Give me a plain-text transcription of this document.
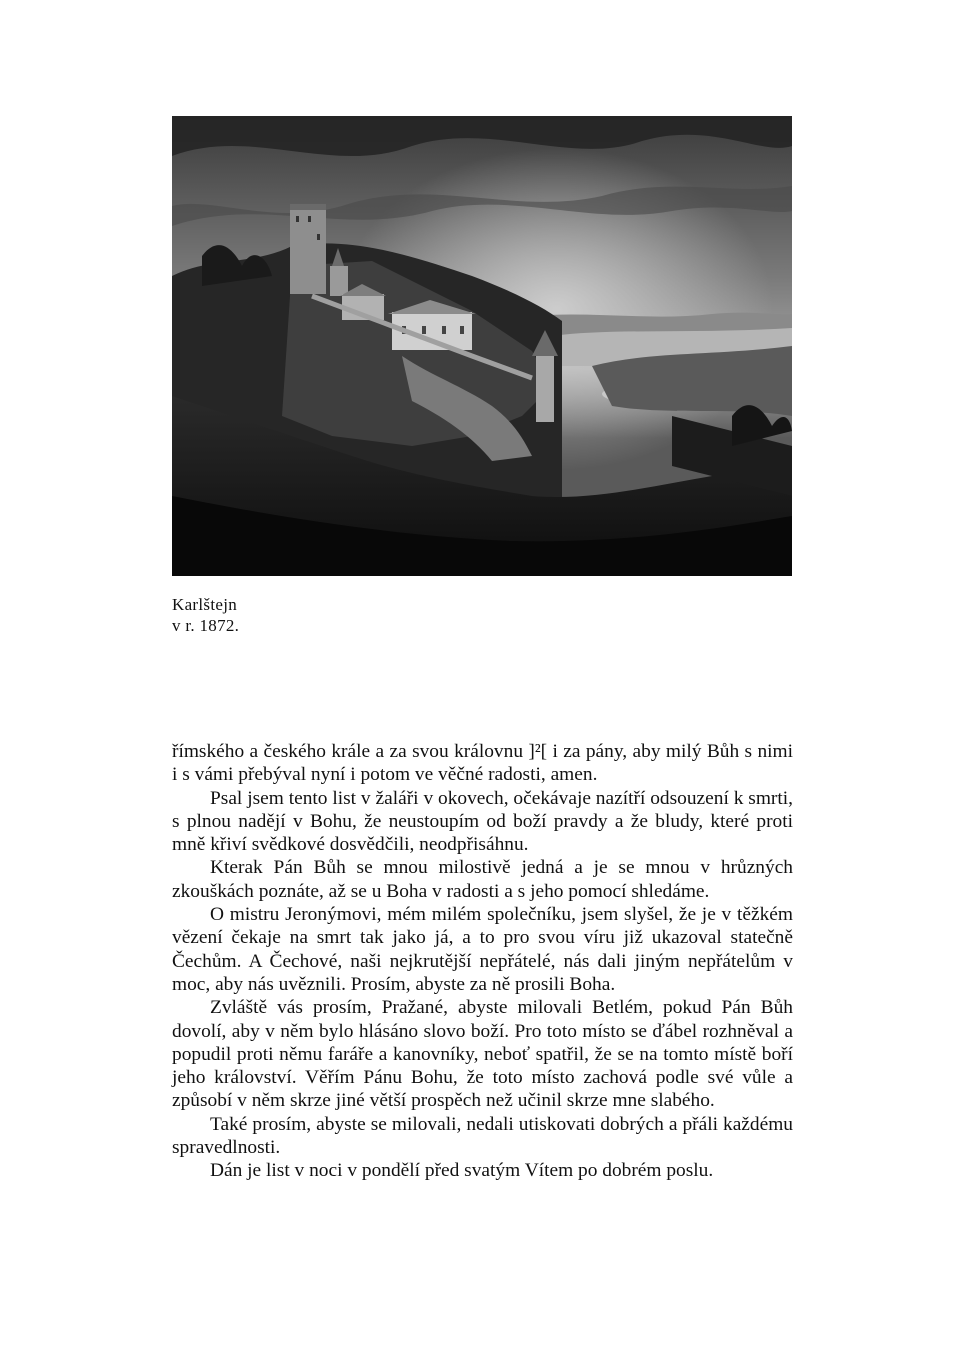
Karlštejn
v r. 1872.

římského a českého krále a za svou královnu ]²[ i za pány, aby milý Bůh s nimi i s vámi přebýval nyní i potom ve věčné radosti, amen.

Psal jsem tento list v žaláři v okovech, očekávaje nazítří odsouzení k smrti, s plnou nadějí v Bohu, že neustoupím od boží pravdy a že bludy, které proti mně křiví svědkové dosvědčili, neodpřisáhnu.

Kterak Pán Bůh se mnou milostivě jedná a je se mnou v hrůzných zkouškách poznáte, až se u Boha v radosti a s jeho pomocí shledáme.

O mistru Jeronýmovi, mém milém společníku, jsem slyšel, že je v těžkém vězení čekaje na smrt tak jako já, a to pro svou víru již ukazoval statečně Čechům. A Čechové, naši nejkrutější nepřátelé, nás dali jiným nepřátelům v moc, aby nás uvěznili. Prosím, abyste za ně prosili Boha.

Zvláště vás prosím, Pražané, abyste milovali Betlém, pokud Pán Bůh dovolí, aby v něm bylo hlásáno slovo boží. Pro toto místo se ďábel rozhněval a popudil proti němu faráře a kanovníky, neboť spatřil, že se na tomto místě boří jeho království. Věřím Pánu Bohu, že toto místo zachová podle své vůle a způsobí v něm skrze jiné větší prospěch než učinil skrze mne slabého.

Také prosím, abyste se milovali, nedali utiskovati dobrých a přáli každému spravedlnosti.

Dán je list v noci v pondělí před svatým Vítem po dobrém poslu.
